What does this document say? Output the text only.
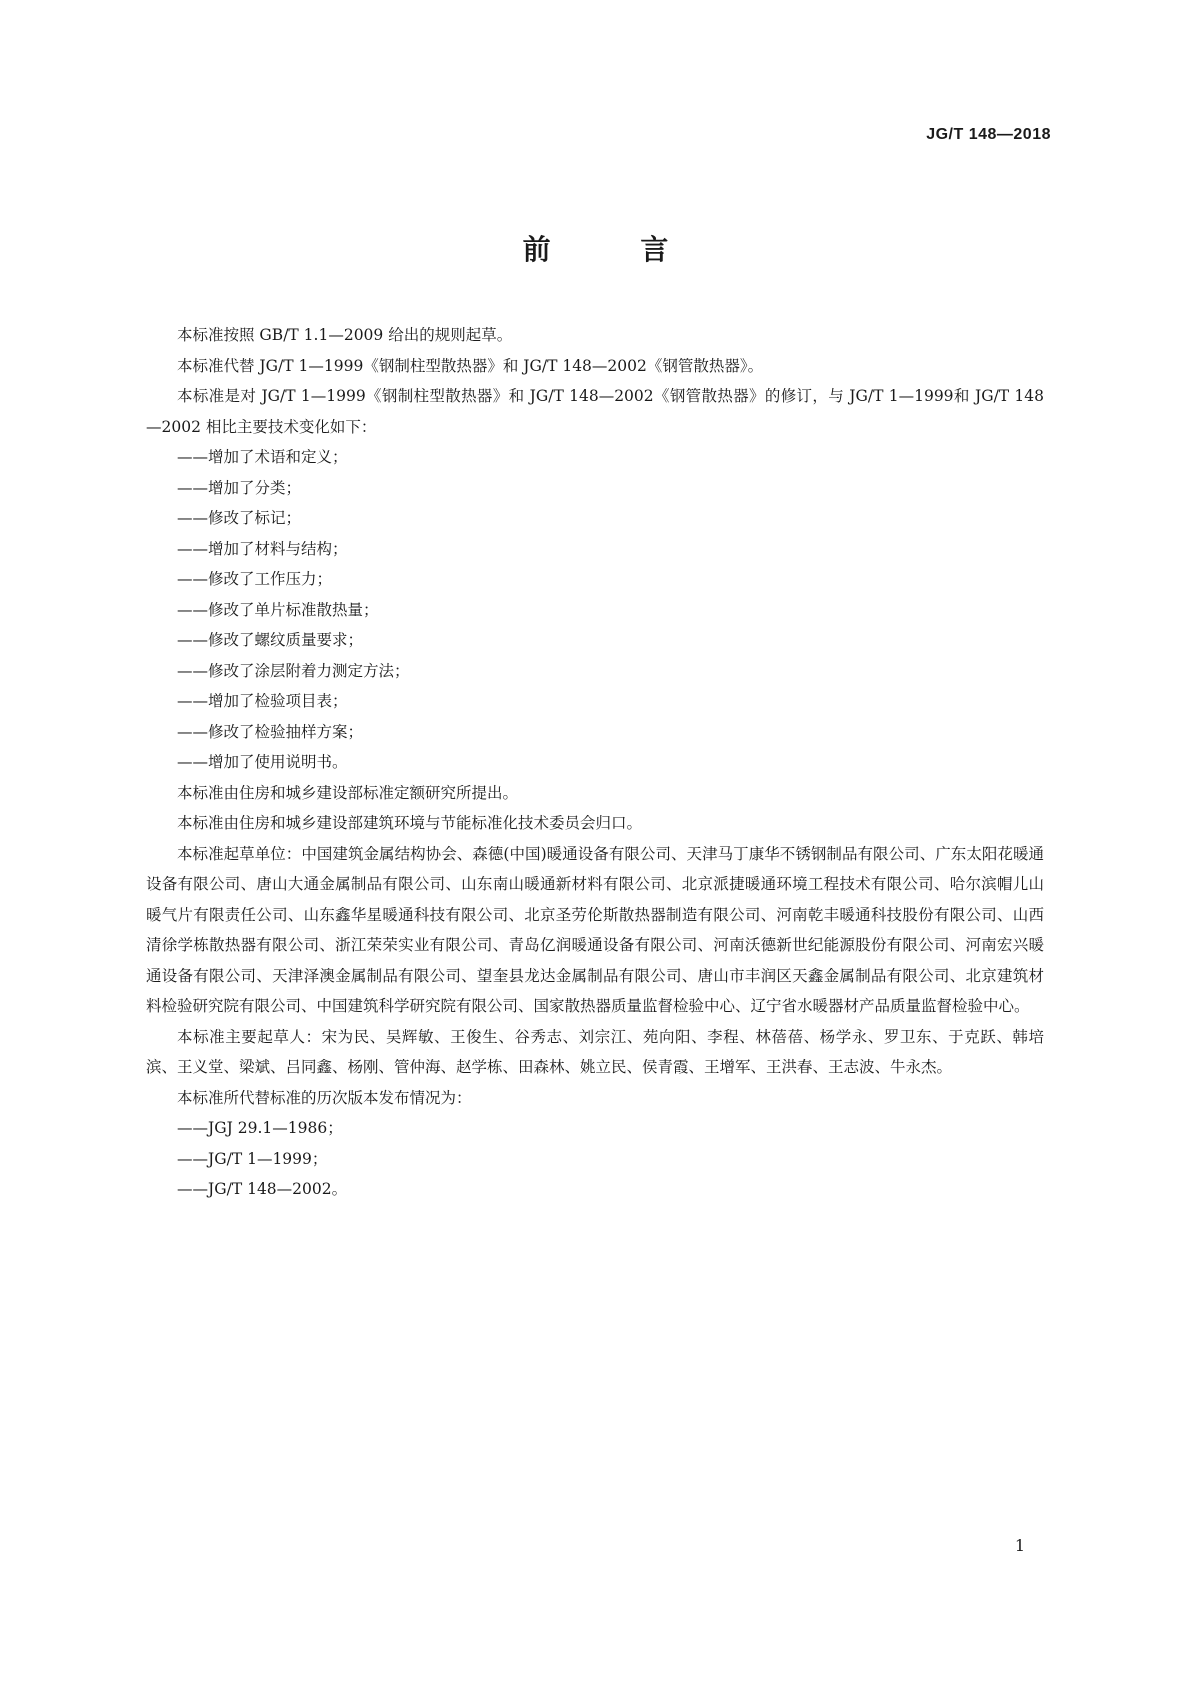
JG/T 148—2018
前 言

本标准按照 GB/T 1.1—2009 给出的规则起草。

本标准代替 JG/T 1—1999《钢制柱型散热器》和 JG/T 148—2002《钢管散热器》。

本标准是对 JG/T 1—1999《钢制柱型散热器》和 JG/T 148—2002《钢管散热器》的修订，与 JG/T 1—1999和 JG/T 148—2002 相比主要技术变化如下：

——增加了术语和定义；

——增加了分类；

——修改了标记；

——增加了材料与结构；

——修改了工作压力；

——修改了单片标准散热量；

——修改了螺纹质量要求；

——修改了涂层附着力测定方法；

——增加了检验项目表；

——修改了检验抽样方案；

——增加了使用说明书。

本标准由住房和城乡建设部标准定额研究所提出。

本标准由住房和城乡建设部建筑环境与节能标准化技术委员会归口。

本标准起草单位：中国建筑金属结构协会、森德(中国)暖通设备有限公司、天津马丁康华不锈钢制品有限公司、广东太阳花暖通设备有限公司、唐山大通金属制品有限公司、山东南山暖通新材料有限公司、北京派捷暖通环境工程技术有限公司、哈尔滨帽儿山暖气片有限责任公司、山东鑫华星暖通科技有限公司、北京圣劳伦斯散热器制造有限公司、河南乾丰暖通科技股份有限公司、山西清徐学栋散热器有限公司、浙江荣荣实业有限公司、青岛亿润暖通设备有限公司、河南沃德新世纪能源股份有限公司、河南宏兴暖通设备有限公司、天津泽澳金属制品有限公司、望奎县龙达金属制品有限公司、唐山市丰润区天鑫金属制品有限公司、北京建筑材料检验研究院有限公司、中国建筑科学研究院有限公司、国家散热器质量监督检验中心、辽宁省水暖器材产品质量监督检验中心。

本标准主要起草人：宋为民、吴辉敏、王俊生、谷秀志、刘宗江、苑向阳、李程、林蓓蓓、杨学永、罗卫东、于克跃、韩培滨、王义堂、梁斌、吕同鑫、杨刚、管仲海、赵学栋、田森林、姚立民、侯青霞、王增军、王洪春、王志波、牛永杰。

本标准所代替标准的历次版本发布情况为：

——JGJ 29.1—1986；

——JG/T 1—1999；

——JG/T 148—2002。

1
